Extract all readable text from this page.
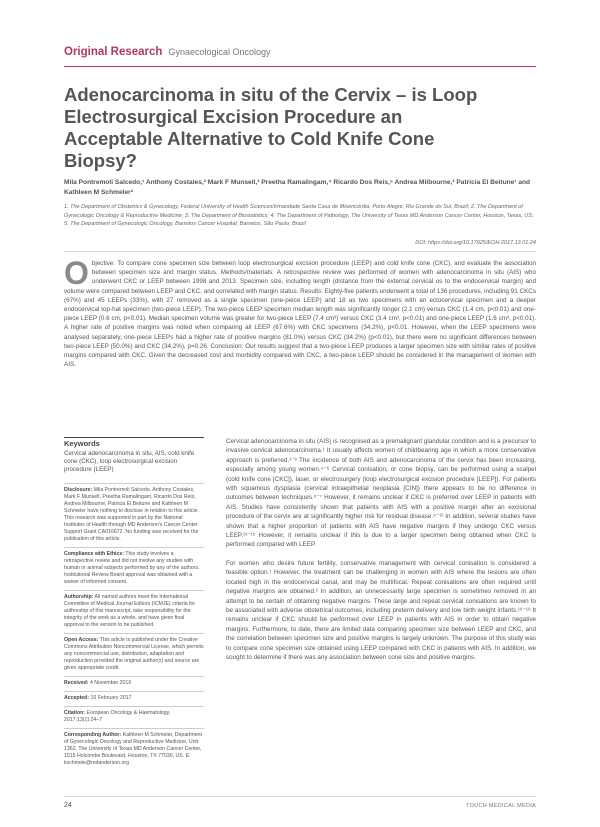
Original Research Gynaecological Oncology
Adenocarcinoma in situ of the Cervix – is Loop Electrosurgical Excision Procedure an Acceptable Alternative to Cold Knife Cone Biopsy?
Mila Pontremoli Salcedo,¹ Anthony Costales,² Mark F Munsell,³ Preetha Ramalingam,⁴ Ricardo Dos Reis,⁵ Andrea Milbourne,² Patricia El Beitune¹ and Kathleen M Schmeler²
1. The Department of Obstetrics & Gynecology, Federal University of Health Sciences/Irmandade Santa Casa de Misericórdia, Porto Alegre, Rio Grande do Sul, Brazil; 2. The Department of Gynecologic Oncology & Reproductive Medicine; 3. The Department of Biostatistics; 4. The Department of Pathology, The University of Texas MD Anderson Cancer Center, Houston, Texas, US; 5. The Department of Gynecologic Oncology, Barretos Cancer Hospital, Barretos, São Paulo, Brazil
DOI: https://doi.org/10.17925/EOH.2017.13.01.24
Objective: To compare cone specimen size between loop electrosurgical excision procedure (LEEP) and cold knife cone (CKC), and evaluate the association between specimen size and margin status. Methods/materials: A retrospective review was performed of women with adenocarcinoma in situ (AIS) who underwent CKC or LEEP between 1998 and 2013. Specimen size, including length (distance from the external cervical os to the endocervical margin) and volume were compared between LEEP and CKC, and correlated with margin status. Results: Eighty-five patients underwent a total of 136 procedures, including 91 CKCs (67%) and 45 LEEPs (33%), with 27 removed as a single specimen (one-piece LEEP) and 18 as two specimens with an ectocervical specimen and a deeper endocervical top-hat specimen (two-piece LEEP). The two-piece LEEP specimen median length was significantly longer (2.1 cm) versus CKC (1.4 cm, p<0.01) and one-piece LEEP (0.6 cm, p<0.01). Median specimen volume was greater for two-piece LEEP (7.4 cm³) versus CKC (3.4 cm³, p<0.01) and one-piece LEEP (1.6 cm³, p<0.01). A higher rate of positive margins was noted when comparing all LEEP (67.6%) with CKC specimens (34.2%), p<0.01. However, when the LEEP specimens were analysed separately, one-piece LEEPs had a higher rate of positive margins (81.0%) versus CKC (34.2%) (p<0.01), but there were no significant differences between two-piece LEEP (50.0%) and CKC (34.2%), p=0.26. Conclusion: Our results suggest that a two-piece LEEP produces a larger specimen size with similar rates of positive margins compared with CKC. Given the decreased cost and morbidity compared with CKC, a two-piece LEEP should be considered in the management of women with AIS.
Keywords
Cervical adenocarcinoma in situ, AIS, cold knife cone (CKC), loop electrosurgical excision procedure (LEEP)
Disclosure: Mila Pontremoli Salcedo, Anthony Costales, Mark F Munsell, Preetha Ramalingam, Ricardo Dos Reis, Andrea Milbourne, Patricia El Beitune and Kathleen M Schmeler have nothing to disclose in relation to this article. This research was supported in part by the National Institutes of Health through MD Anderson's Cancer Center Support Grant CA016672. No funding was received for the publication of this article.
Compliance with Ethics: This study involves a retrospective review and did not involve any studies with human or animal subjects performed by any of the authors. Institutional Review Board approval was obtained with a waiver of informed consent.
Authorship: All named authors meet the International Committee of Medical Journal Editors (ICMJE) criteria for authorship of this manuscript, take responsibility for the integrity of the work as a whole, and have given final approval to the version to be published.
Open Access: This article is published under the Creative Commons Attribution Noncommercial License, which permits any noncommercial use, distribution, adaptation and reproduction provided the original author(s) and source are given appropriate credit.
Received: 4 November 2016
Accepted: 10 February 2017
Citation: European Oncology & Haematology, 2017;13(1):24–7
Corresponding Author: Kathleen M Schmeler, Department of Gynecologic Oncology and Reproductive Medicine, Unit 1362, The University of Texas MD Anderson Cancer Center, 1515 Holcombe Boulevard, Houston, TX 77030, US. E: kschmele@mdanderson.org

Cervical adenocarcinoma in situ (AIS) is recognised as a premalignant glandular condition and is a precursor to invasive cervical adenocarcinoma.¹ It usually affects women of childbearing age in which a more conservative approach is preferred.¹⁻³ The incidence of both AIS and adenocarcinoma of the cervix has been increasing, especially among young women.⁴⁻⁶ Cervical conisation, or cone biopsy, can be performed using a scalpel (cold knife cone [CKC]), laser, or electrosurgery (loop electrosurgical excision procedure [LEEP]). For patients with squamous dysplasia (cervical intraepithelial neoplasia [CIN]) there appears to be no difference in outcomes between techniques.⁶⁻⁷ However, it remains unclear if CKC is preferred over LEEP in patients with AIS. Studies have consistently shown that patients with AIS with a positive margin after an excisional procedure of the cervix are at significantly higher risk for residual disease.⁸⁻¹² In addition, several studies have shown that a higher proportion of patients with AIS have negative margins if they undergo CKC versus LEEP.¹³⁻¹⁵ However, it remains unclear if this is due to a larger specimen being obtained when CKC is performed compared with LEEP.

For women who desire future fertility, conservative management with cervical conisation is considered a feasible option.¹ However, the treatment can be challenging in women with AIS where the lesions are often located high in the endocervical canal, and may be multifocal. Repeat conisations are often required until negative margins are obtained.² In addition, an unnecessarily large specimen is sometimes removed in an attempt to be certain of obtaining negative margins. These large and repeat cervical conisations are known to be associated with adverse obstetrical outcomes, including preterm delivery and low birth weight infants.¹⁶⁻¹⁸ It remains unclear if CKC should be performed over LEEP in patients with AIS in order to obtain negative margins. Furthermore, to date, there are limited data comparing specimen size between LEEP and CKC, and the correlation between specimen size and positive margins is largely unknown. The purpose of this study was to compare cone specimen size obtained using LEEP compared with CKC in patients with AIS. In addition, we sought to determine if there was any association between cone size and positive margins.

24	TOUCH MEDICAL MEDIA
